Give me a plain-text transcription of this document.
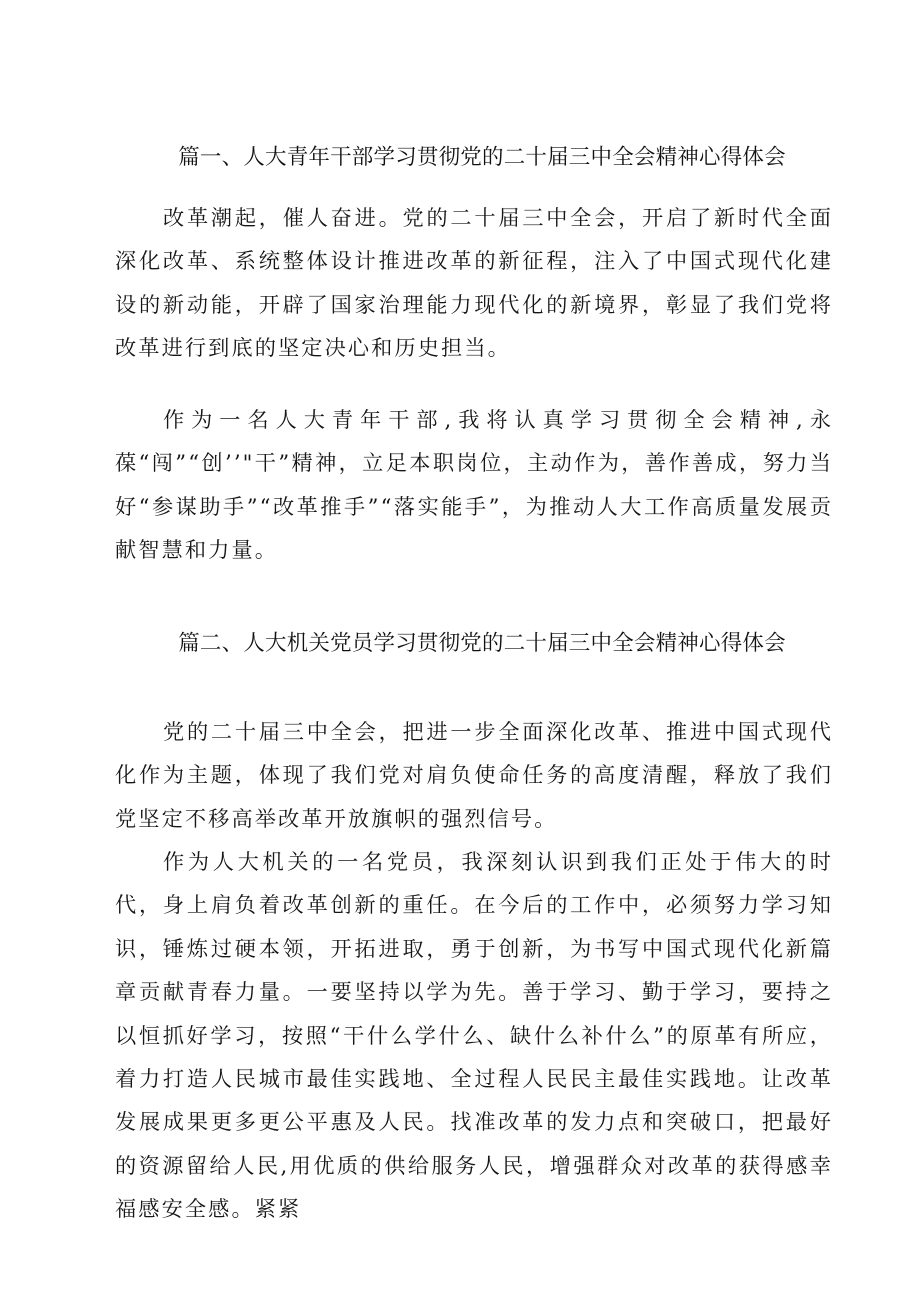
篇一、人大青年干部学习贯彻党的二十届三中全会精神心得体会

改革潮起，催人奋进。党的二十届三中全会，开启了新时代全面深化改革、系统整体设计推进改革的新征程，注入了中国式现代化建设的新动能，开辟了国家治理能力现代化的新境界，彰显了我们党将改革进行到底的坚定决心和历史担当。

作为一名人大青年干部,我将认真学习贯彻全会精神,永葆“闯”“创’’"干”精神，立足本职岗位，主动作为，善作善成，努力当好“参谋助手”“改革推手”“落实能手”，为推动人大工作高质量发展贡献智慧和力量。

篇二、人大机关党员学习贯彻党的二十届三中全会精神心得体会

党的二十届三中全会，把进一步全面深化改革、推进中国式现代化作为主题，体现了我们党对肩负使命任务的高度清醒，释放了我们党坚定不移高举改革开放旗帜的强烈信号。

作为人大机关的一名党员，我深刻认识到我们正处于伟大的时代，身上肩负着改革创新的重任。在今后的工作中，必须努力学习知识，锤炼过硬本领，开拓进取，勇于创新，为书写中国式现代化新篇章贡献青春力量。一要坚持以学为先。善于学习、勤于学习，要持之以恒抓好学习，按照“干什么学什么、缺什么补什么”的原革有所应，着力打造人民城市最佳实践地、全过程人民民主最佳实践地。让改革发展成果更多更公平惠及人民。找准改革的发力点和突破口，把最好的资源留给人民,用优质的供给服务人民，增强群众对改革的获得感幸福感安全感。紧紧
